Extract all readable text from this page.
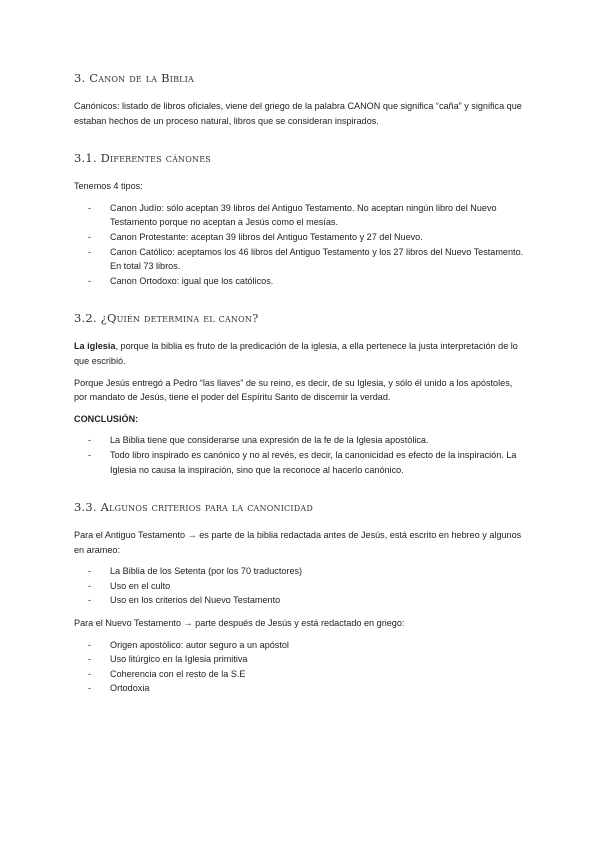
3. Canon de la Biblia

Canónicos: listado de libros oficiales, viene del griego de la palabra CANON que significa “caña” y significa que estaban hechos de un proceso natural, libros que se consideran inspirados.

3.1. Diferentes cánones

Tenemos 4 tipos:

- Canon Judío: sólo aceptan 39 libros del Antiguo Testamento. No aceptan ningún libro del Nuevo Testamento porque no aceptan a Jesús como el mesías.
- Canon Protestante: aceptan 39 libros del Antiguo Testamento y 27 del Nuevo.
- Canon Católico: aceptamos los 46 libros del Antiguo Testamento y los 27 libros del Nuevo Testamento. En total 73 libros.
- Canon Ortodoxo: igual que los católicos.
3.2. ¿Quién determina el canon?

La iglesia, porque la biblia es fruto de la predicación de la iglesia, a ella pertenece la justa interpretación de lo que escribió.

Porque Jesús entregó a Pedro “las llaves” de su reino, es decir, de su Iglesia, y sólo él unido a los apóstoles, por mandato de Jesús, tiene el poder del Espíritu Santo de discernir la verdad.

CONCLUSIÓN:

- La Biblia tiene que considerarse una expresión de la fe de la Iglesia apostólica.
- Todo libro inspirado es canónico y no al revés, es decir, la canonicidad es efecto de la inspiración. La Iglesia no causa la inspiración, sino que la reconoce al hacerlo canónico.
3.3. Algunos criterios para la canonicidad

Para el Antiguo Testamento → es parte de la biblia redactada antes de Jesús, está escrito en hebreo y algunos en arameo:

- La Biblia de los Setenta (por los 70 traductores)
- Uso en el culto
- Uso en los criterios del Nuevo Testamento

Para el Nuevo Testamento → parte después de Jesús y está redactado en griego:

- Origen apostólico: autor seguro a un apóstol
- Uso litúrgico en la Iglesia primitiva
- Coherencia con el resto de la S.E
- Ortodoxia
